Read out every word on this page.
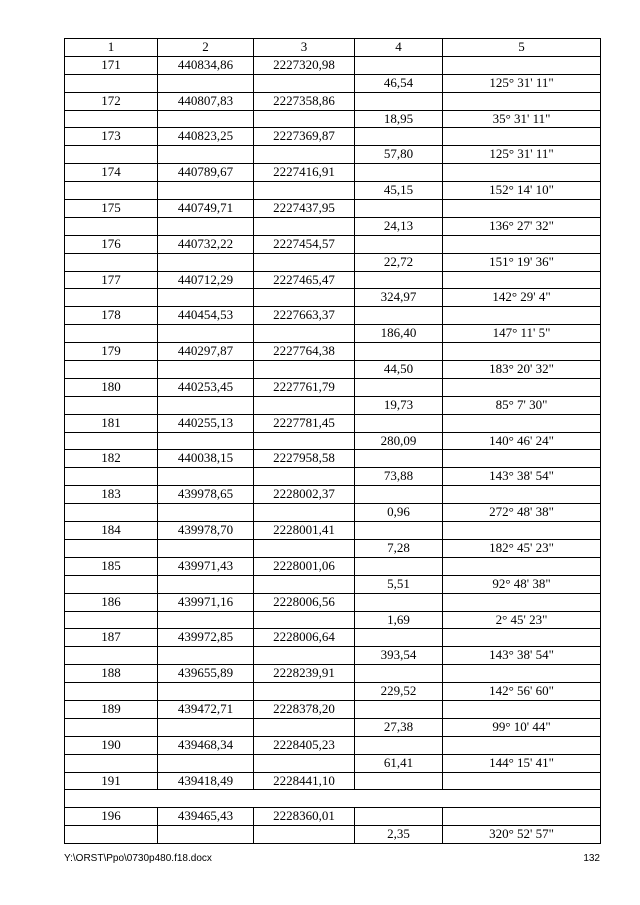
1	2	3	4	5
171	440834,86	2227320,98		
			46,54	125° 31' 11"
172	440807,83	2227358,86		
			18,95	35° 31' 11"
173	440823,25	2227369,87		
			57,80	125° 31' 11"
174	440789,67	2227416,91		
			45,15	152° 14' 10"
175	440749,71	2227437,95		
			24,13	136° 27' 32"
176	440732,22	2227454,57		
			22,72	151° 19' 36"
177	440712,29	2227465,47		
			324,97	142° 29' 4"
178	440454,53	2227663,37		
			186,40	147° 11' 5"
179	440297,87	2227764,38		
			44,50	183° 20' 32"
180	440253,45	2227761,79		
			19,73	85° 7' 30"
181	440255,13	2227781,45		
			280,09	140° 46' 24"
182	440038,15	2227958,58		
			73,88	143° 38' 54"
183	439978,65	2228002,37		
			0,96	272° 48' 38"
184	439978,70	2228001,41		
			7,28	182° 45' 23"
185	439971,43	2228001,06		
			5,51	92° 48' 38"
186	439971,16	2228006,56		
			1,69	2° 45' 23"
187	439972,85	2228006,64		
			393,54	143° 38' 54"
188	439655,89	2228239,91		
			229,52	142° 56' 60"
189	439472,71	2228378,20		
			27,38	99° 10' 44"
190	439468,34	2228405,23		
			61,41	144° 15' 41"
191	439418,49	2228441,10		

196	439465,43	2228360,01		
			2,35	320° 52' 57"
Y:\ORST\Ppo\0730p480.f18.docx	132
